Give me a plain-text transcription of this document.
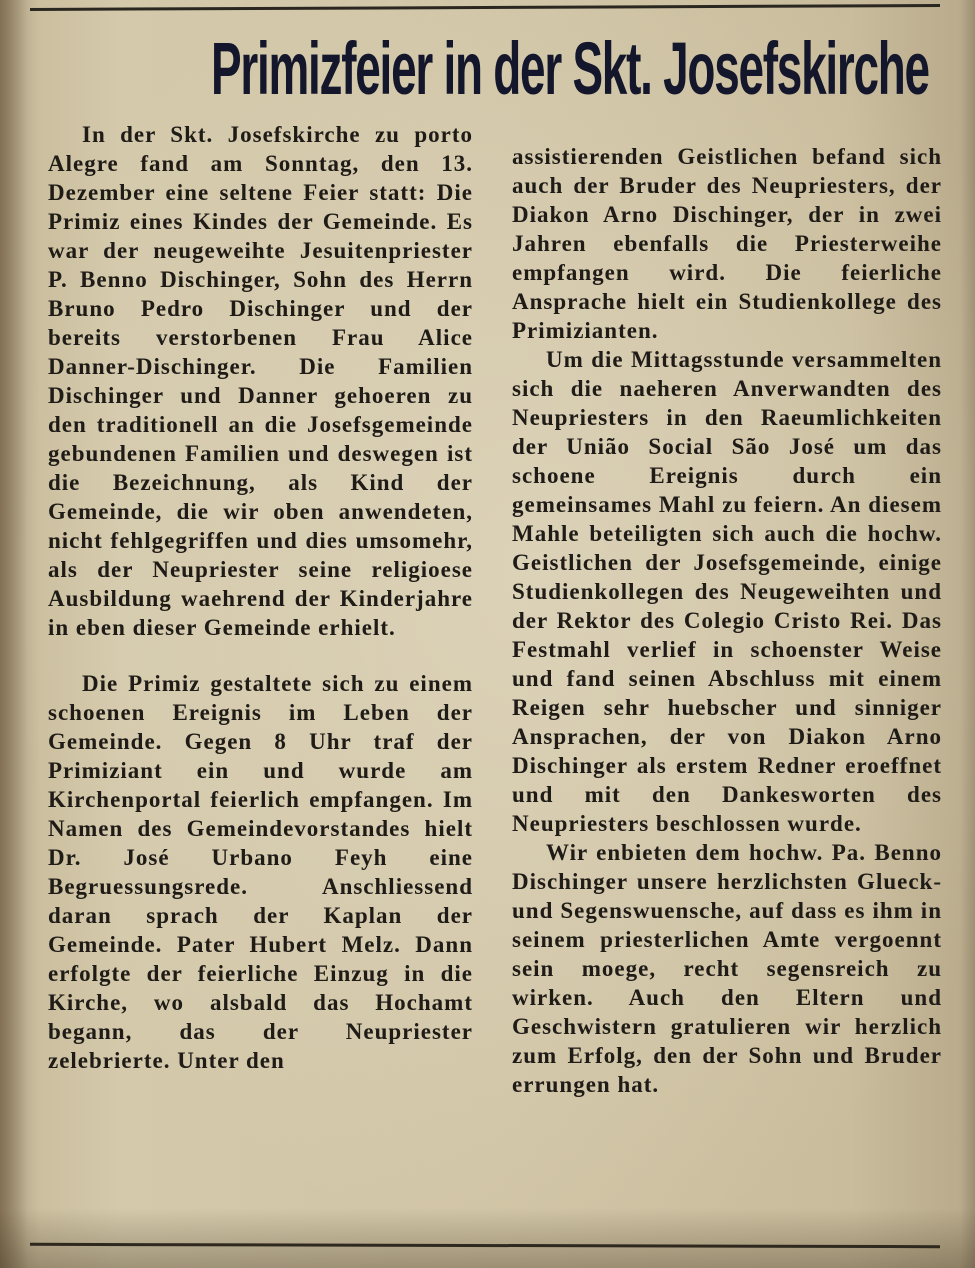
Primizfeier in der Skt. Josefskirche

In der Skt. Josefskirche zu porto Alegre fand am Sonntag, den 13. Dezember eine seltene Feier statt: Die Primiz eines Kindes der Gemeinde. Es war der neugeweihte Jesuitenpriester P. Benno Dischinger, Sohn des Herrn Bruno Pedro Dischinger und der bereits verstorbenen Frau Alice Danner-Dischinger. Die Familien Dischinger und Danner gehoeren zu den traditionell an die Josefsgemeinde gebundenen Familien und deswegen ist die Bezeichnung, als Kind der Gemeinde, die wir oben anwendeten, nicht fehlgegriffen und dies umsomehr, als der Neupriester seine religioese Ausbildung waehrend der Kinderjahre in eben dieser Gemeinde erhielt.

Die Primiz gestaltete sich zu einem schoenen Ereignis im Leben der Gemeinde. Gegen 8 Uhr traf der Primiziant ein und wurde am Kirchenportal feierlich empfangen. Im Namen des Gemeindevorstandes hielt Dr. José Urbano Feyh eine Begruessungsrede. Anschliessend daran sprach der Kaplan der Gemeinde. Pater Hubert Melz. Dann erfolgte der feierliche Einzug in die Kirche, wo alsbald das Hochamt begann, das der Neupriester zelebrierte. Unter den

assistierenden Geistlichen befand sich auch der Bruder des Neupriesters, der Diakon Arno Dischinger, der in zwei Jahren ebenfalls die Priesterweihe empfangen wird. Die feierliche Ansprache hielt ein Studienkollege des Primizianten.

Um die Mittagsstunde versammelten sich die naeheren Anverwandten des Neupriesters in den Raeumlichkeiten der União Social São José um das schoene Ereignis durch ein gemeinsames Mahl zu feiern. An diesem Mahle beteiligten sich auch die hochw. Geistlichen der Josefsgemeinde, einige Studienkollegen des Neugeweihten und der Rektor des Colegio Cristo Rei. Das Festmahl verlief in schoenster Weise und fand seinen Abschluss mit einem Reigen sehr huebscher und sinniger Ansprachen, der von Diakon Arno Dischinger als erstem Redner eroeffnet und mit den Dankesworten des Neupriesters beschlossen wurde.

Wir enbieten dem hochw. Pa. Benno Dischinger unsere herzlichsten Glueck- und Segenswuensche, auf dass es ihm in seinem priesterlichen Amte vergoennt sein moege, recht segensreich zu wirken. Auch den Eltern und Geschwistern gratulieren wir herzlich zum Erfolg, den der Sohn und Bruder errungen hat.
